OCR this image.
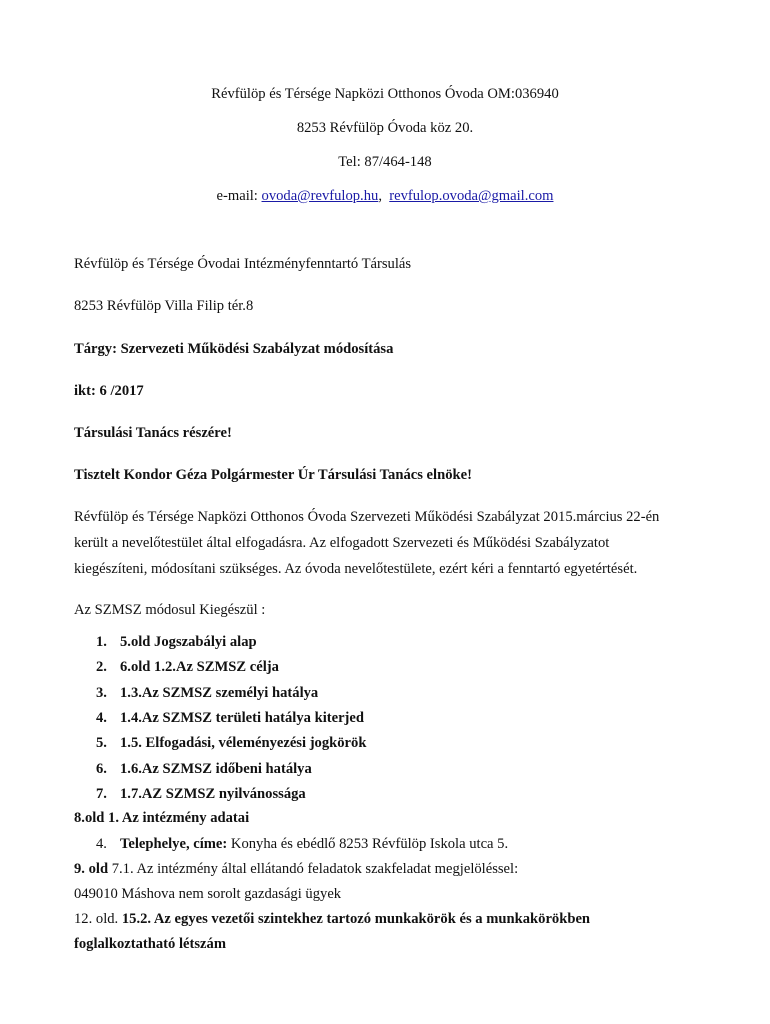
Révfülöp és Térsége Napközi Otthonos Óvoda OM:036940
8253 Révfülöp Óvoda köz 20.
Tel: 87/464-148
e-mail: ovoda@revfulop.hu,  revfulop.ovoda@gmail.com
Révfülöp és Térsége Óvodai Intézményfenntartó Társulás
8253 Révfülöp Villa Filip tér.8
Tárgy: Szervezeti Működési Szabályzat módosítása
ikt: 6 /2017
Társulási Tanács részére!
Tisztelt Kondor Géza Polgármester Úr Társulási Tanács elnöke!
Révfülöp és Térsége Napközi Otthonos Óvoda Szervezeti Működési Szabályzat 2015.március 22-én
került a nevelőtestület által elfogadásra. Az elfogadott Szervezeti és Működési Szabályzatot
kiegészíteni, módosítani szükséges. Az óvoda nevelőtestülete, ezért kéri a fenntartó egyetértését.
Az SZMSZ módosul Kiegészül :
1. 5.old Jogszabályi alap
2. 6.old 1.2.Az SZMSZ célja
3. 1.3.Az SZMSZ személyi hatálya
4. 1.4.Az SZMSZ területi hatálya kiterjed
5. 1.5. Elfogadási, véleményezési jogkörök
6. 1.6.Az SZMSZ időbeni hatálya
7. 1.7.AZ SZMSZ nyilvánossága
8.old 1. Az intézmény adatai
4. Telephelye, címe: Konyha és ebédlő 8253 Révfülöp Iskola utca 5.
9. old 7.1. Az intézmény által ellátandó feladatok szakfeladat megjelöléssel:
049010 Máshova nem sorolt gazdasági ügyek
12. old. 15.2. Az egyes vezetői szintekhez tartozó munkakörök és a munkakörökben
foglalkoztatható létszám
